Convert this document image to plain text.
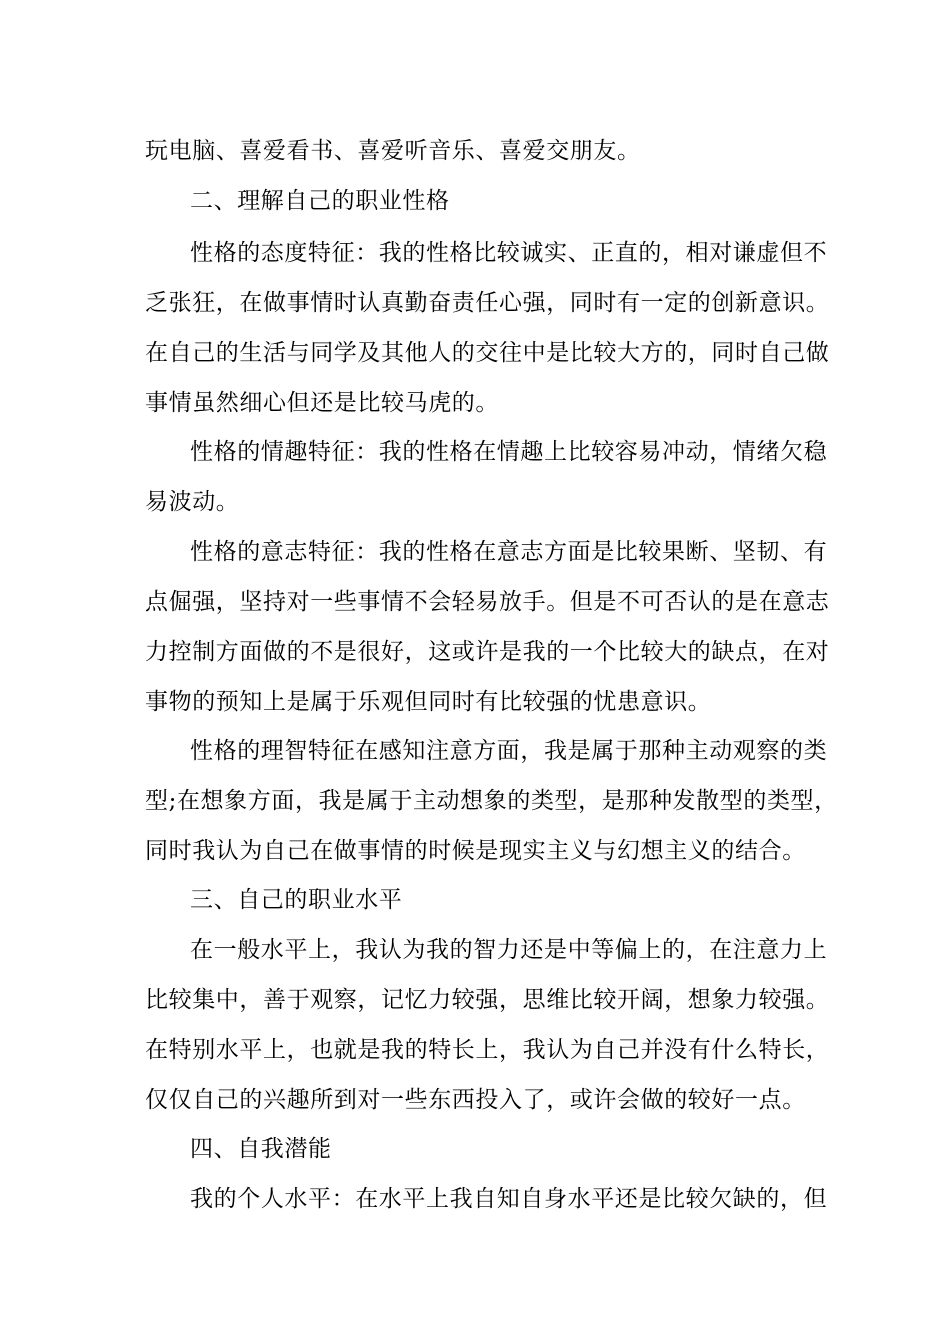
玩电脑、喜爱看书、喜爱听音乐、喜爱交朋友。
二、理解自己的职业性格
性格的态度特征：我的性格比较诚实、正直的，相对谦虚但不
乏张狂，在做事情时认真勤奋责任心强，同时有一定的创新意识。
在自己的生活与同学及其他人的交往中是比较大方的，同时自己做
事情虽然细心但还是比较马虎的。
性格的情趣特征：我的性格在情趣上比较容易冲动，情绪欠稳
易波动。
性格的意志特征：我的性格在意志方面是比较果断、坚韧、有
点倔强，坚持对一些事情不会轻易放手。但是不可否认的是在意志
力控制方面做的不是很好，这或许是我的一个比较大的缺点，在对
事物的预知上是属于乐观但同时有比较强的忧患意识。
性格的理智特征在感知注意方面，我是属于那种主动观察的类
型;在想象方面，我是属于主动想象的类型，是那种发散型的类型，
同时我认为自己在做事情的时候是现实主义与幻想主义的结合。
三、自己的职业水平
在一般水平上，我认为我的智力还是中等偏上的，在注意力上
比较集中，善于观察，记忆力较强，思维比较开阔，想象力较强。
在特别水平上，也就是我的特长上，我认为自己并没有什么特长，
仅仅自己的兴趣所到对一些东西投入了，或许会做的较好一点。
四、自我潜能
我的个人水平：在水平上我自知自身水平还是比较欠缺的，但
